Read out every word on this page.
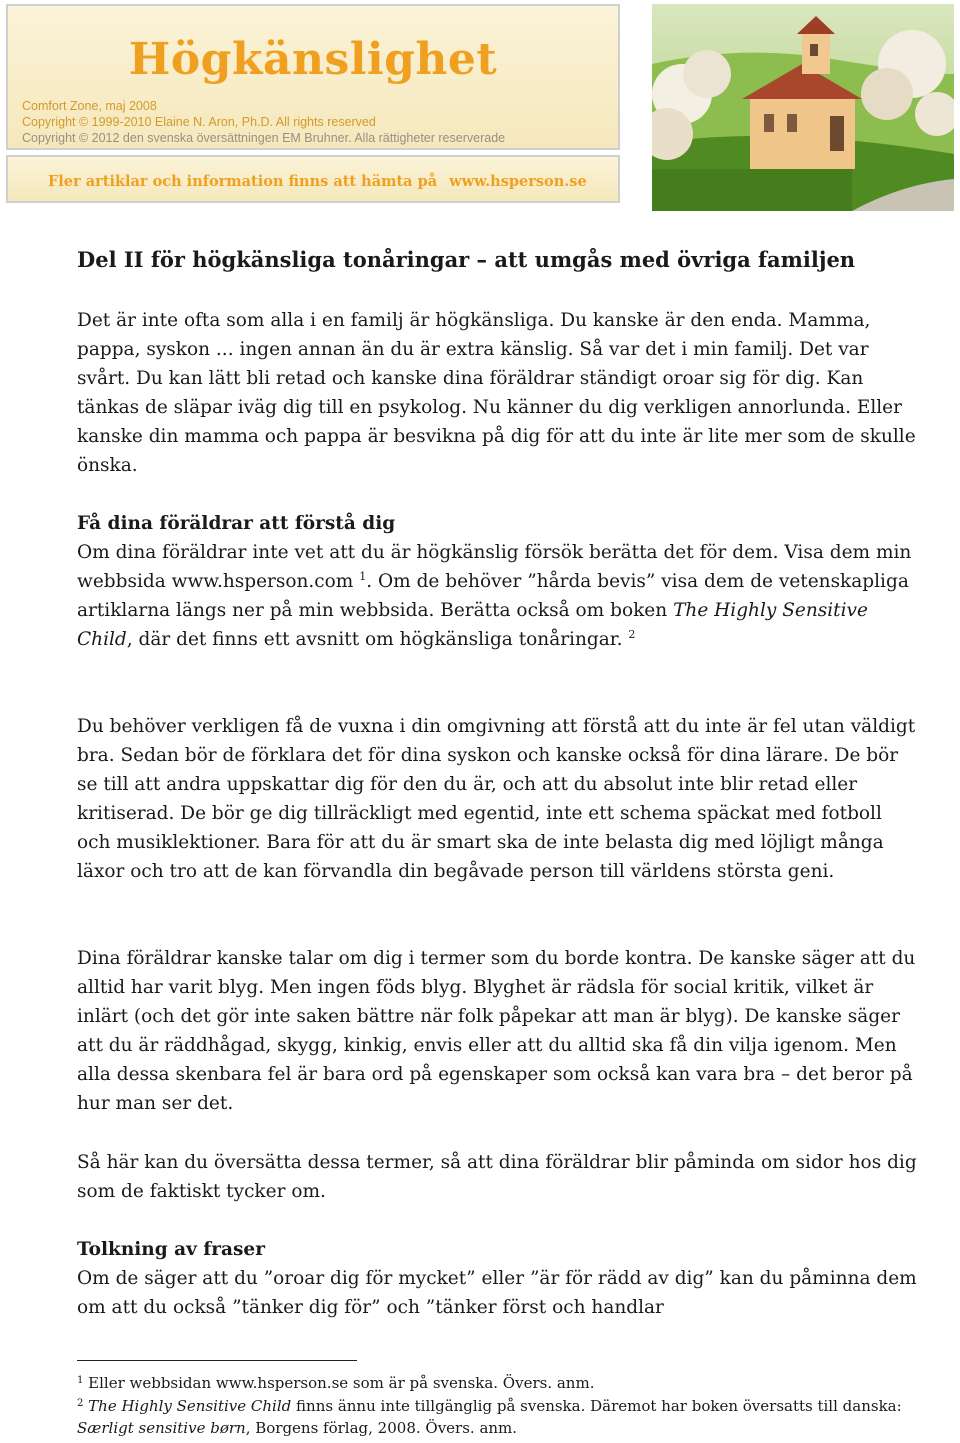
Högkänslighet
Comfort Zone, maj 2008
Copyright © 1999-2010 Elaine N. Aron, Ph.D. All rights reserved
Copyright © 2012 den svenska översättningen EM Bruhner. Alla rättigheter reserverade
Fler artiklar och information finns att hämta på www.hsperson.se
Del II för högkänsliga tonåringar – att umgås med övriga familjen
Det är inte ofta som alla i en familj är högkänsliga. Du kanske är den enda. Mamma, pappa, syskon ... ingen annan än du är extra känslig. Så var det i min familj. Det var svårt. Du kan lätt bli retad och kanske dina föräldrar ständigt oroar sig för dig. Kan tänkas de släpar iväg dig till en psykolog. Nu känner du dig verkligen annorlunda. Eller kanske din mamma och pappa är besvikna på dig för att du inte är lite mer som de skulle önska.
Få dina föräldrar att förstå dig
Om dina föräldrar inte vet att du är högkänslig försök berätta det för dem. Visa dem min webbsida www.hsperson.com $^1$. Om de behöver ”hårda bevis” visa dem de vetenskapliga artiklarna längs ner på min webbsida. Berätta också om boken The Highly Sensitive Child, där det finns ett avsnitt om högkänsliga tonåringar. $^2$
Du behöver verkligen få de vuxna i din omgivning att förstå att du inte är fel utan väldigt bra. Sedan bör de förklara det för dina syskon och kanske också för dina lärare. De bör se till att andra uppskattar dig för den du är, och att du absolut inte blir retad eller kritiserad. De bör ge dig tillräckligt med egentid, inte ett schema späckat med fotboll och musiklektioner. Bara för att du är smart ska de inte belasta dig med löjligt många läxor och tro att de kan förvandla din begåvade person till världens största geni.
Dina föräldrar kanske talar om dig i termer som du borde kontra. De kanske säger att du alltid har varit blyg. Men ingen föds blyg. Blyghet är rädsla för social kritik, vilket är inlärt (och det gör inte saken bättre när folk påpekar att man är blyg). De kanske säger att du är räddhågad, skygg, kinkig, envis eller att du alltid ska få din vilja igenom. Men alla dessa skenbara fel är bara ord på egenskaper som också kan vara bra – det beror på hur man ser det.
Så här kan du översätta dessa termer, så att dina föräldrar blir påminda om sidor hos dig som de faktiskt tycker om.
Tolkning av fraser
Om de säger att du ”oroar dig för mycket” eller ”är för rädd av dig” kan du påminna dem om att du också ”tänker dig för” och ”tänker först och handlar
$^1$ Eller webbsidan www.hsperson.se som är på svenska. Övers. anm.
$^2$ The Highly Sensitive Child finns ännu inte tillgänglig på svenska. Däremot har boken översatts till danska: Særligt sensitive børn, Borgens förlag, 2008. Övers. anm.
